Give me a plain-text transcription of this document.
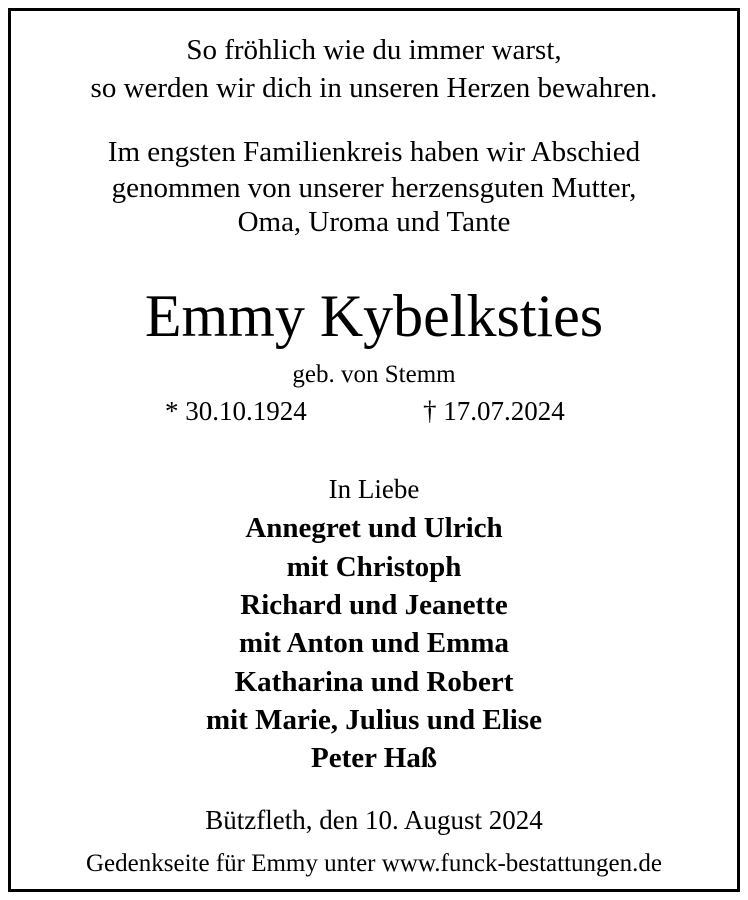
So fröhlich wie du immer warst,
so werden wir dich in unseren Herzen bewahren.
Im engsten Familienkreis haben wir Abschied
genommen von unserer herzensguten Mutter,
Oma, Uroma und Tante
Emmy Kybelksties
geb. von Stemm
* 30.10.1924	† 17.07.2024
In Liebe
Annegret und Ulrich
mit Christoph
Richard und Jeanette
mit Anton und Emma
Katharina und Robert
mit Marie, Julius und Elise
Peter Haß
Bützfleth, den 10. August 2024
Gedenkseite für Emmy unter www.funck-bestattungen.de
